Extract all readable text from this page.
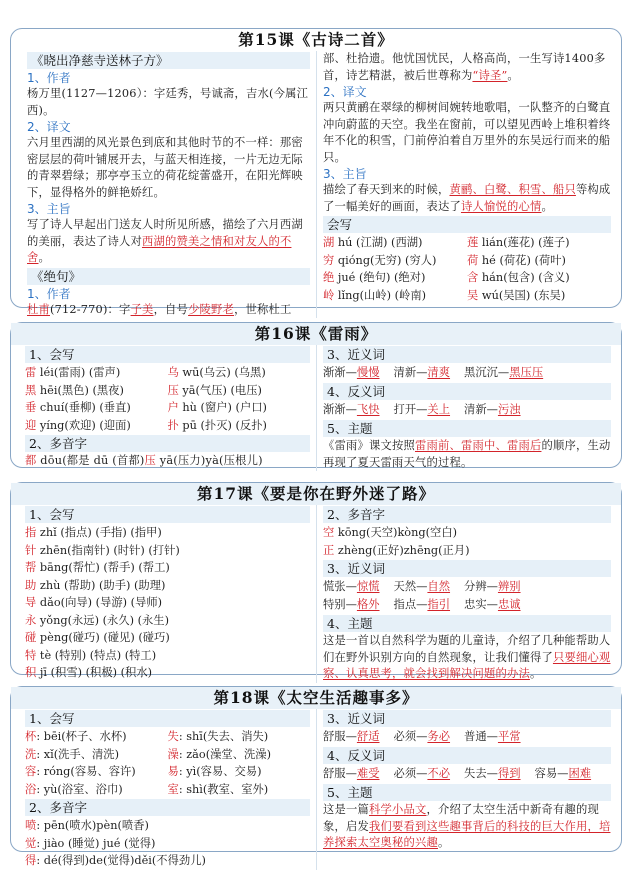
第15课《古诗二首》
《晓出净慈寺送林子方》
1、作者
杨万里(1127—1206）：字廷秀，号诚斋，吉水(今属江西)。
2、译文
六月里西湖的风光景色到底和其他时节的不一样：那密密层层的荷叶铺展开去，与蓝天相连接，一片无边无际的青翠碧绿；那亭亭玉立的荷花绽蕾盛开，在阳光辉映下，显得格外的鲜艳娇红。
3、主旨
写了诗人早起出门送友人时所见所感，描绘了六月西湖的美丽，表达了诗人对西湖的赞美之情和对友人的不舍。
《绝句》
1、作者
杜甫(712-770)：字子美，自号少陵野老，世称杜工
部、杜拾遗。他忧国忧民，人格高尚，一生写诗1400多首，诗艺精湛，被后世尊称为“诗圣”。
2、译文
两只黄鹂在翠绿的柳树间婉转地歌唱，一队整齐的白鹭直冲向蔚蓝的天空。我坐在窗前，可以望见西岭上堆积着终年不化的积雪，门前停泊着自万里外的东吴远行而来的船只。
3、主旨
描绘了春天到来的时候，黄鹂、白鹭、积雪、船只等构成了一幅美好的画面，表达了诗人愉悦的心情。
会写
湖 hú (江湖) (西湖)	莲 lián(莲花) (莲子)
穷 qióng(无穷) (穷人)	荷 hé (荷花) (荷叶)
绝 jué (绝句) (绝对)	含 hán(包含) (含义)
岭 lǐng(山岭) (岭南)	吴 wú(吴国) (东吴)
第16课《雷雨》
1、会写
雷 léi(雷雨) (雷声)	乌 wū(乌云) (乌黑)
黑 hēi(黑色) (黑夜)	压 yā(气压) (电压)
垂 chuí(垂柳) (垂直)	户 hù (窗户) (户口)
迎 yíng(欢迎) (迎面)	扑 pū (扑灭) (反扑)
2、多音字
都 dōu(都是 dū (首都)压 yā(压力)yà(压根儿)
3、近义词
渐渐—慢慢 清新—清爽 黑沉沉—黑压压
4、反义词
渐渐—飞快 打开—关上 清新—污浊
5、主题
《雷雨》课文按照雷雨前、雷雨中、雷雨后的顺序，生动再现了夏天雷雨天气的过程。
第17课《要是你在野外迷了路》
1、会写
指 zhǐ (指点) (手指) (指甲)
针 zhēn(指南针) (时针) (打针)
帮 bāng(帮忙) (帮手) (帮工)
助 zhù (帮助) (助手) (助理)
导 dǎo(向导) (导游) (导师)
永 yǒng(永远) (永久) (永生)
碰 pèng(碰巧) (碰见) (碰巧)
特 tè (特别) (特点) (特工)
积 jī (积雪) (积极) (积水)
2、多音字
空 kōng(天空)kòng(空白)
正 zhèng(正好)zhēng(正月)
3、近义词
慌张—惊慌 天然—自然 分辨—辨别
特别—格外 指点—指引 忠实—忠诚
4、主题
这是一首以自然科学为题的儿童诗，介绍了几种能帮助人们在野外识别方向的自然现象，让我们懂得了只要细心观察、认真思考，就会找到解决问题的办法。
第18课《太空生活趣事多》
1、会写
杯: bēi(杯子、水杯)	失: shī(失去、消失)
洗: xǐ(洗手、清洗)	澡: zǎo(澡堂、洗澡)
容: róng(容易、容许)	易: yì(容易、交易)
浴: yù(浴室、浴巾)	室: shì(教室、室外)
2、多音字
喷: pēn(喷水)pèn(喷香)
觉: jiào (睡觉) jué (觉得)
得: dé(得到)de(觉得)děi(不得劲儿)
3、近义词
舒服—舒适 必须—务必 普通—平常
4、反义词
舒服—难受 必须—不必 失去—得到 容易—困难
5、主题
这是一篇科学小品文，介绍了太空生活中新奇有趣的现象，启发我们要看到这些趣事背后的科技的巨大作用，培养探索太空奥秘的兴趣。
